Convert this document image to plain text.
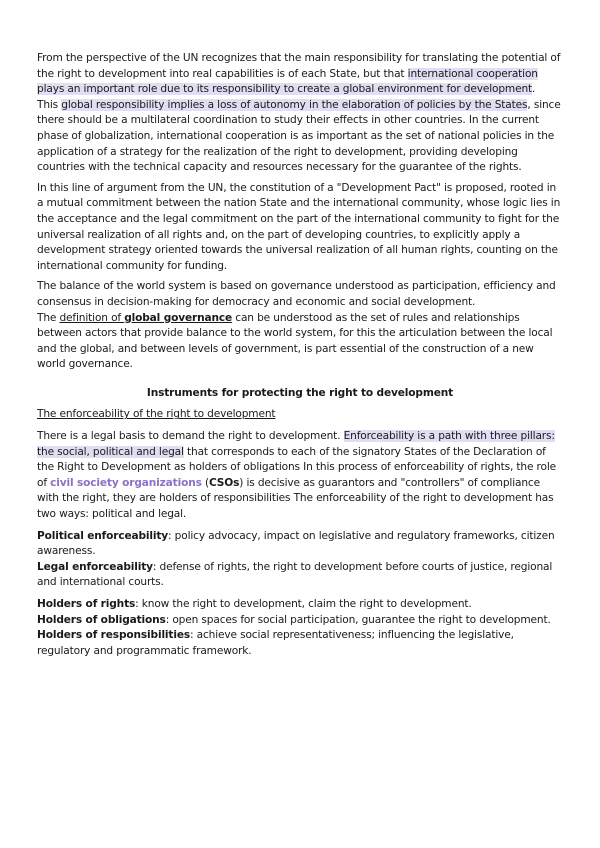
From the perspective of the UN recognizes that the main responsibility for translating the potential of the right to development into real capabilities is of each State, but that international cooperation plays an important role due to its responsibility to create a global environment for development.

This global responsibility implies a loss of autonomy in the elaboration of policies by the States, since there should be a multilateral coordination to study their effects in other countries. In the current phase of globalization, international cooperation is as important as the set of national policies in the application of a strategy for the realization of the right to development, providing developing countries with the technical capacity and resources necessary for the guarantee of the rights.

In this line of argument from the UN, the constitution of a "Development Pact" is proposed, rooted in a mutual commitment between the nation State and the international community, whose logic lies in the acceptance and the legal commitment on the part of the international community to fight for the universal realization of all rights and, on the part of developing countries, to explicitly apply a development strategy oriented towards the universal realization of all human rights, counting on the international community for funding.

The balance of the world system is based on governance understood as participation, efficiency and consensus in decision-making for democracy and economic and social development.

The definition of global governance can be understood as the set of rules and relationships between actors that provide balance to the world system, for this the articulation between the local and the global, and between levels of government, is part essential of the construction of a new world governance.

Instruments for protecting the right to development

The enforceability of the right to development

There is a legal basis to demand the right to development. Enforceability is a path with three pillars: the social, political and legal that corresponds to each of the signatory States of the Declaration of the Right to Development as holders of obligations In this process of enforceability of rights, the role of civil society organizations (CSOs) is decisive as guarantors and "controllers" of compliance with the right, they are holders of responsibilities The enforceability of the right to development has two ways: political and legal.

Political enforceability: policy advocacy, impact on legislative and regulatory frameworks, citizen awareness.

Legal enforceability: defense of rights, the right to development before courts of justice, regional and international courts.

Holders of rights: know the right to development, claim the right to development.

Holders of obligations: open spaces for social participation, guarantee the right to development.

Holders of responsibilities: achieve social representativeness; influencing the legislative, regulatory and programmatic framework.
